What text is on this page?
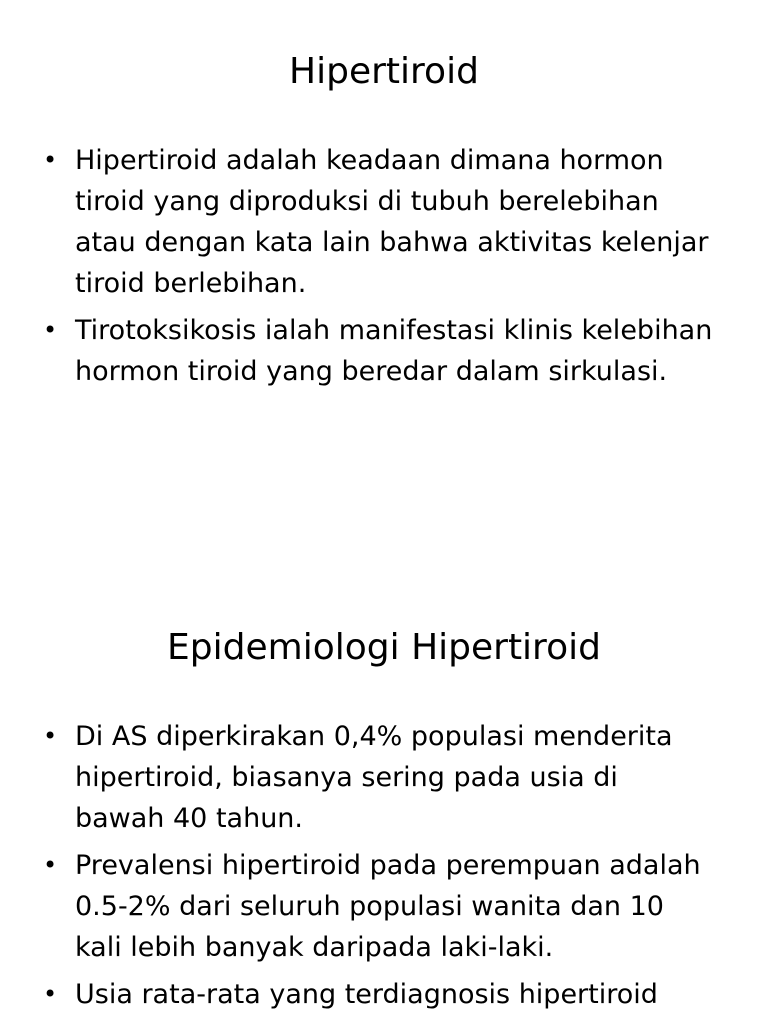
Hipertiroid
• Hipertiroid adalah keadaan dimana hormon
tiroid yang diproduksi di tubuh berelebihan
atau dengan kata lain bahwa aktivitas kelenjar
tiroid berlebihan.
• Tirotoksikosis ialah manifestasi klinis kelebihan
hormon tiroid yang beredar dalam sirkulasi.
Epidemiologi Hipertiroid
• Di AS diperkirakan 0,4% populasi menderita
hipertiroid, biasanya sering pada usia di
bawah 40 tahun.
• Prevalensi hipertiroid pada perempuan adalah
0.5-2% dari seluruh populasi wanita dan 10
kali lebih banyak daripada laki-laki.
• Usia rata-rata yang terdiagnosis hipertiroid
